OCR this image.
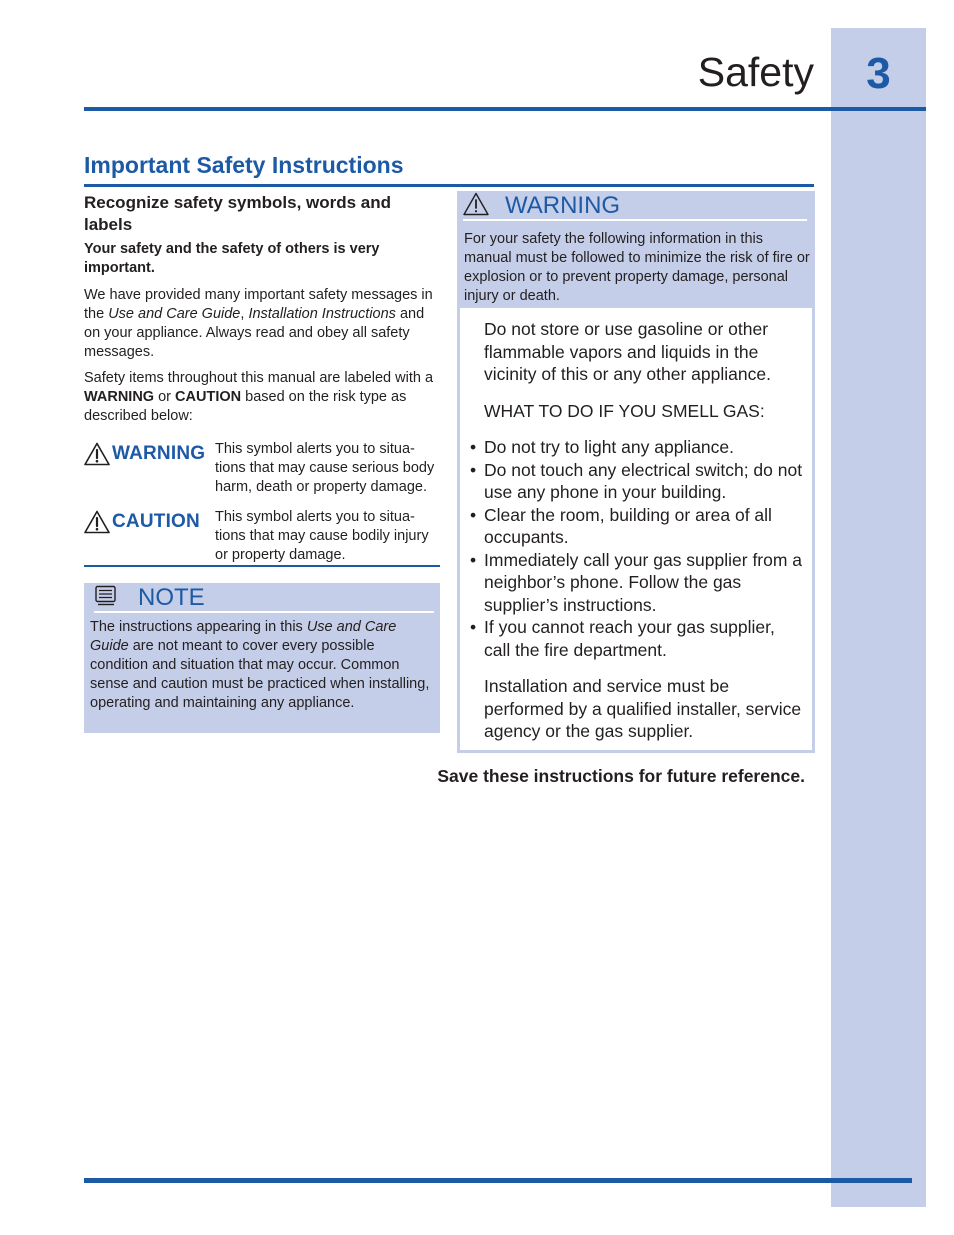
3
Safety
Important Safety Instructions

Recognize safety symbols, words and labels

Your safety and the safety of others is very important.

We have provided many important safety messages in the Use and Care Guide, Installation Instructions and on your appliance. Always read and obey all safety messages.

Safety items throughout this manual are labeled with a WARNING or CAUTION based on the risk type as described below:

WARNING This symbol alerts you to situa-tions that may cause serious body harm, death or property damage.
CAUTION This symbol alerts you to situa-tions that may cause bodily injury or property damage.
NOTE
The instructions appearing in this Use and Care Guide are not meant to cover every possible condition and situation that may occur. Common sense and caution must be practiced when installing, operating and maintaining any appliance.
WARNING
For your safety the following information in this manual must be followed to minimize the risk of fire or explosion or to prevent property damage, personal injury or death.

Do not store or use gasoline or other flammable vapors and liquids in the vicinity of this or any other appliance.

WHAT TO DO IF YOU SMELL GAS:

• Do not try to light any appliance.
• Do not touch any electrical switch; do not use any phone in your building.
• Clear the room, building or area of all occupants.
• Immediately call your gas supplier from a neighbor’s phone. Follow the gas supplier’s instructions.
• If you cannot reach your gas supplier, call the fire department.

Installation and service must be performed by a qualified installer, service agency or the gas supplier.

Save these instructions for future reference.
